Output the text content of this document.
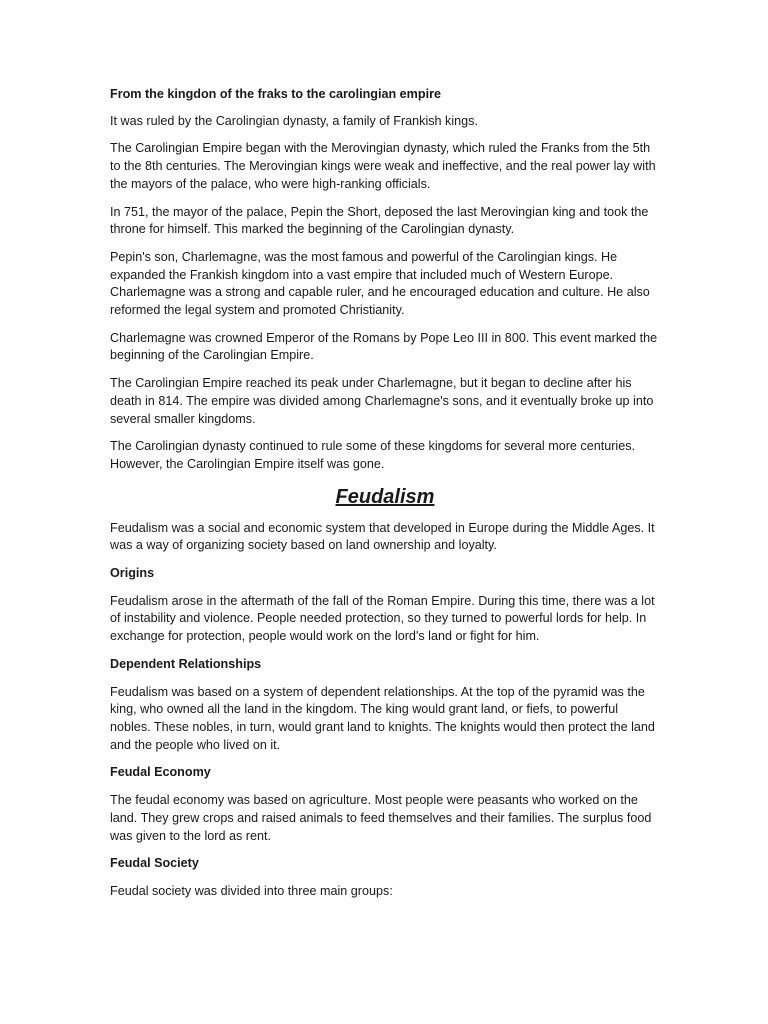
From the kingdon of the fraks to the carolingian empire

It was ruled by the Carolingian dynasty, a family of Frankish kings.

The Carolingian Empire began with the Merovingian dynasty, which ruled the Franks from the 5th to the 8th centuries. The Merovingian kings were weak and ineffective, and the real power lay with the mayors of the palace, who were high-ranking officials.

In 751, the mayor of the palace, Pepin the Short, deposed the last Merovingian king and took the throne for himself. This marked the beginning of the Carolingian dynasty.

Pepin's son, Charlemagne, was the most famous and powerful of the Carolingian kings. He expanded the Frankish kingdom into a vast empire that included much of Western Europe. Charlemagne was a strong and capable ruler, and he encouraged education and culture. He also reformed the legal system and promoted Christianity.

Charlemagne was crowned Emperor of the Romans by Pope Leo III in 800. This event marked the beginning of the Carolingian Empire.

The Carolingian Empire reached its peak under Charlemagne, but it began to decline after his death in 814. The empire was divided among Charlemagne's sons, and it eventually broke up into several smaller kingdoms.

The Carolingian dynasty continued to rule some of these kingdoms for several more centuries. However, the Carolingian Empire itself was gone.

Feudalism

Feudalism was a social and economic system that developed in Europe during the Middle Ages. It was a way of organizing society based on land ownership and loyalty.

Origins

Feudalism arose in the aftermath of the fall of the Roman Empire. During this time, there was a lot of instability and violence. People needed protection, so they turned to powerful lords for help. In exchange for protection, people would work on the lord's land or fight for him.

Dependent Relationships

Feudalism was based on a system of dependent relationships. At the top of the pyramid was the king, who owned all the land in the kingdom. The king would grant land, or fiefs, to powerful nobles. These nobles, in turn, would grant land to knights. The knights would then protect the land and the people who lived on it.

Feudal Economy

The feudal economy was based on agriculture. Most people were peasants who worked on the land. They grew crops and raised animals to feed themselves and their families. The surplus food was given to the lord as rent.

Feudal Society

Feudal society was divided into three main groups:
